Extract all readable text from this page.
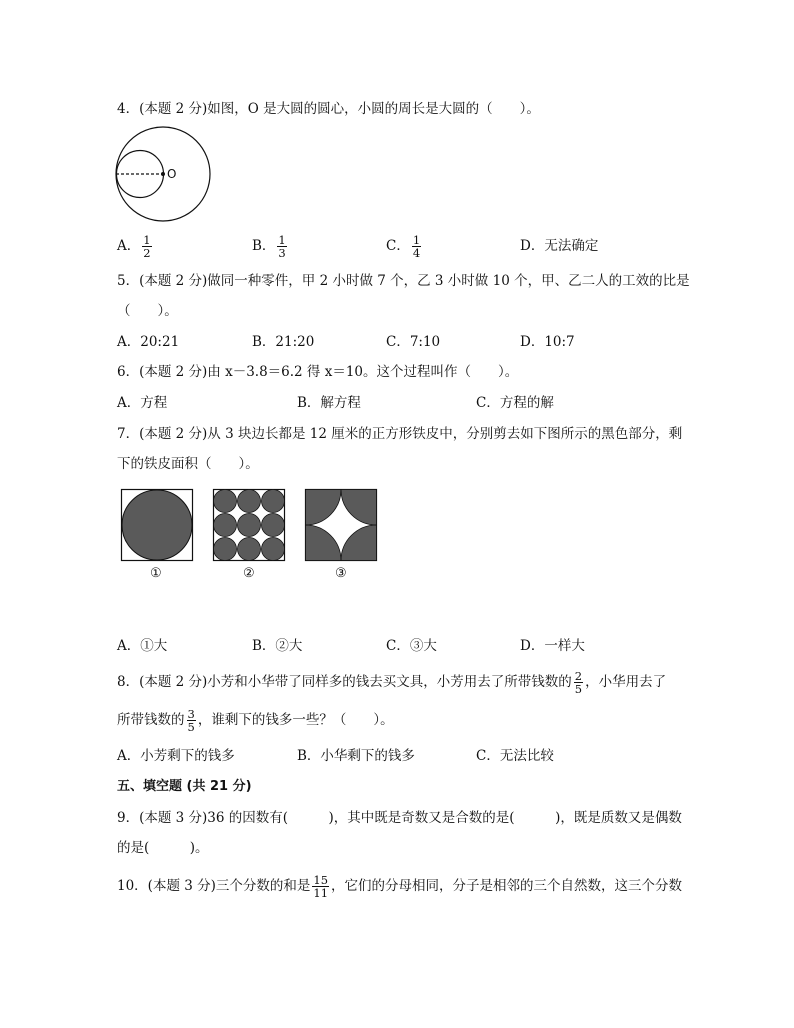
4．(本题 2 分)如图，O 是大圆的圆心，小圆的周长是大圆的（　　）。
O
A． $\frac{1}{2}$	B． $\frac{1}{3}$	C． $\frac{1}{4}$	D．无法确定
5．(本题 2 分)做同一种零件，甲 2 小时做 7 个，乙 3 小时做 10 个，甲、乙二人的工效的比是
（　　）。
A．20:21	B．21:20	C．7:10	D．10:7
6．(本题 2 分)由 x－3.8＝6.2 得 x＝10。这个过程叫作（　　）。
A．方程	B．解方程	C．方程的解
7．(本题 2 分)从 3 块边长都是 12 厘米的正方形铁皮中，分别剪去如下图所示的黑色部分，剩
下的铁皮面积（　　）。
①	②	③
A．①大	B．②大	C．③大	D．一样大
8．(本题 2 分)小芳和小华带了同样多的钱去买文具，小芳用去了所带钱数的 $\frac{2}{5}$ ，小华用去了
所带钱数的 $\frac{3}{5}$ ，谁剩下的钱多一些？（　　）。
A．小芳剩下的钱多	B．小华剩下的钱多	C．无法比较
五、填空题 (共 21 分)
9．(本题 3 分)36 的因数有(　　　)，其中既是奇数又是合数的是(　　　)，既是质数又是偶数
的是(　　　)。
10．(本题 3 分)三个分数的和是 $\frac{15}{11}$ ，它们的分母相同，分子是相邻的三个自然数，这三个分数
